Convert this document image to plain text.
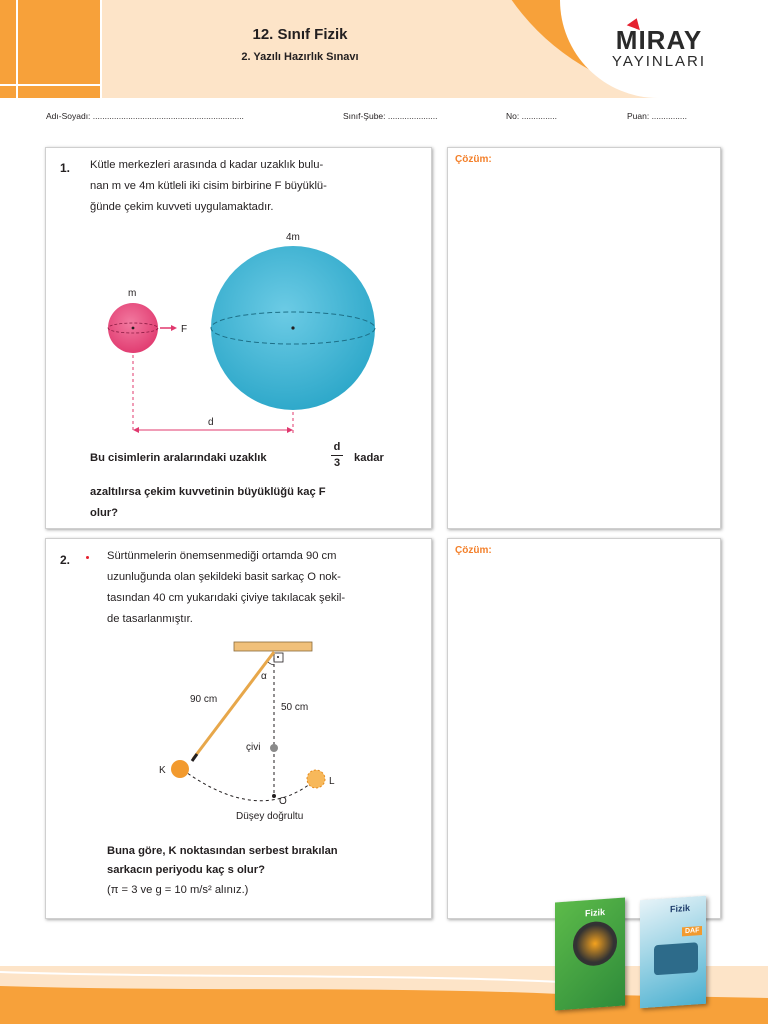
12. Sınıf Fizik
2. Yazılı Hazırlık Sınavı
MIRAY
YAYINLARI
Adı-Soyadı: ................................................................	Sınıf-Şube: .....................	No: ...............	Puan: ...............
1. Kütle merkezleri arasında d kadar uzaklık bulu-
nan m ve 4m kütleli iki cisim birbirine F büyüklü-
ğünde çekim kuvveti uygulamaktadır.
4m
m
F
d
Bu cisimlerin aralarındaki uzaklık
d
3 kadar
azaltılırsa çekim kuvvetinin büyüklüğü kaç F
olur?
Çözüm:
2.	Sürtünmelerin önemsenmediği ortamda 90 cm
uzunluğunda olan şekildeki basit sarkaç O nok-
tasından 40 cm yukarıdaki çiviye takılacak şekil-
de tasarlanmıştır.
α
90 cm
50 cm
çivi
K
L
O
Düşey doğrultu
Buna göre, K noktasından serbest bırakılan
sarkacın periyodu kaç s olur?
(π = 3 ve g = 10 m/s² alınız.)
Çözüm:
Fizik	Fizik
DAF
